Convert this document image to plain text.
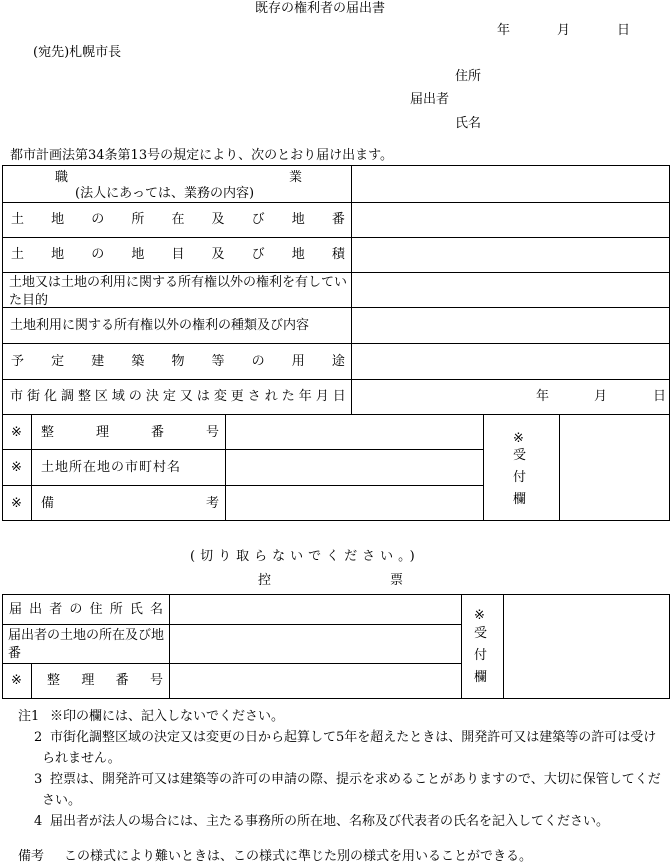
既存の権利者の届出書
年	月	日
(宛先)札幌市長
住所
届出者
氏名
都市計画法第34条第13号の規定により、次のとおり届け出ます。
職	業
(法人にあっては、業務の内容)
土 地 の 所 在 及 び 地 番
土 地 の 地 目 及 び 地 積
土地又は土地の利用に関する所有権以外の権利を有していた目的
土地利用に関する所有権以外の権利の種類及び内容
予 定 建 築 物 等 の 用 途
市 街 化 調 整 区 域 の 決 定 又 は 変 更 さ れ た 年 月 日	年	月	日
※ 整	理	番	号
※ 土地所在地の市町村名
※ 備	考
※
受
付
欄
(切り取らないでください。)
控	票
届 出 者 の 住 所 氏 名
届出者の土地の所在及び地番
※ 整 理 番 号
※
受
付
欄
注1 ※印の欄には、記入しないでください。
2 市街化調整区域の決定又は変更の日から起算して5年を超えたときは、開発許可又は建築等の許可は受けられません。
3 控票は、開発許可又は建築等の許可の申請の際、提示を求めることがありますので、大切に保管してください。
4 届出者が法人の場合には、主たる事務所の所在地、名称及び代表者の氏名を記入してください。
備考 この様式により難いときは、この様式に準じた別の様式を用いることができる。
